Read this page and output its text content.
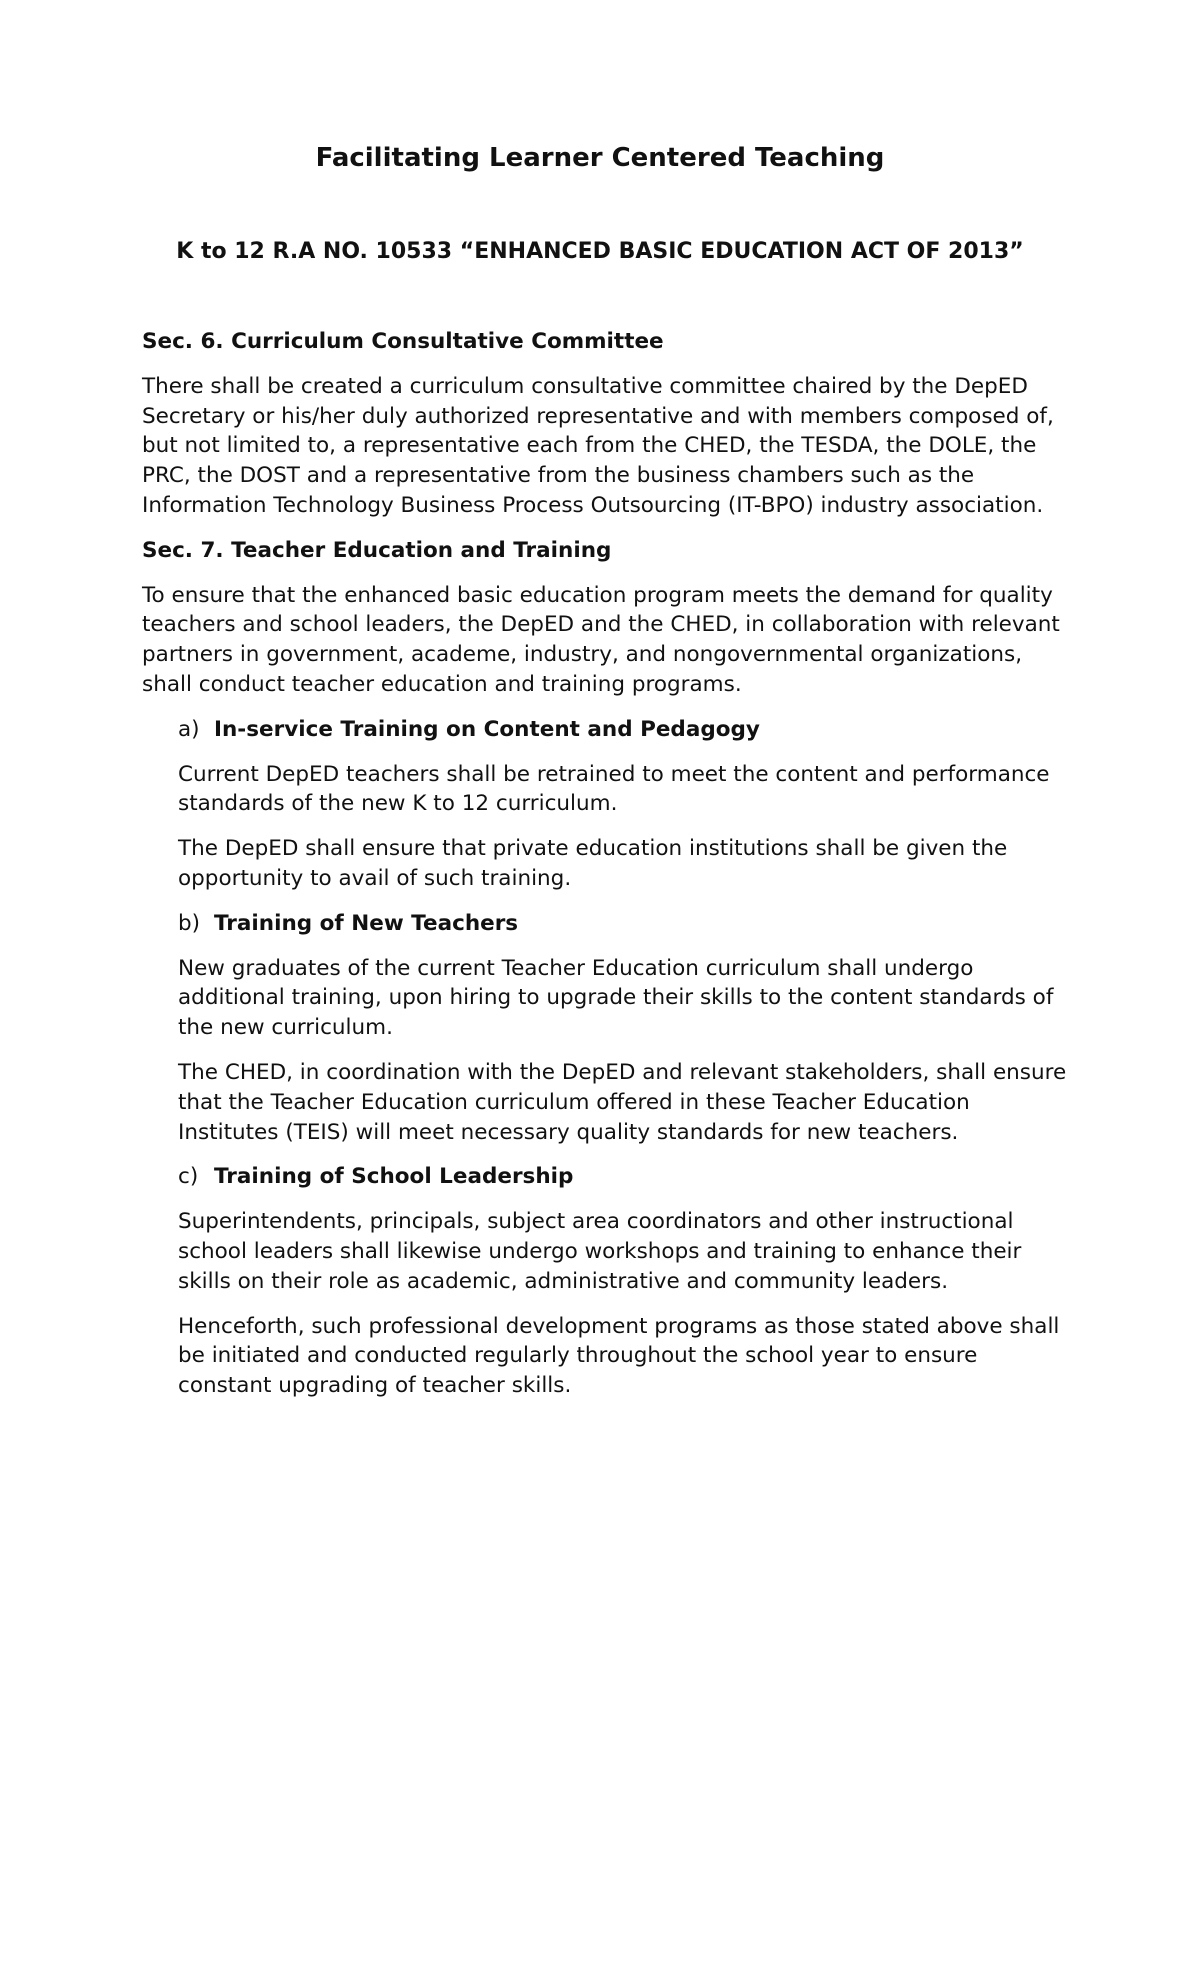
Facilitating Learner Centered Teaching
K to 12 R.A NO. 10533 “ENHANCED BASIC EDUCATION ACT OF 2013”

Sec. 6. Curriculum Consultative Committee

There shall be created a curriculum consultative committee chaired by the DepED Secretary or his/her duly authorized representative and with members composed of, but not limited to, a representative each from the CHED, the TESDA, the DOLE, the PRC, the DOST and a representative from the business chambers such as the Information Technology Business Process Outsourcing (IT-BPO) industry association.

Sec. 7. Teacher Education and Training

To ensure that the enhanced basic education program meets the demand for quality teachers and school leaders, the DepED and the CHED, in collaboration with relevant partners in government, academe, industry, and nongovernmental organizations, shall conduct teacher education and training programs.

a) In-service Training on Content and Pedagogy

Current DepED teachers shall be retrained to meet the content and performance standards of the new K to 12 curriculum.

The DepED shall ensure that private education institutions shall be given the opportunity to avail of such training.

b) Training of New Teachers

New graduates of the current Teacher Education curriculum shall undergo additional training, upon hiring to upgrade their skills to the content standards of the new curriculum.

The CHED, in coordination with the DepED and relevant stakeholders, shall ensure that the Teacher Education curriculum offered in these Teacher Education Institutes (TEIS) will meet necessary quality standards for new teachers.

c) Training of School Leadership

Superintendents, principals, subject area coordinators and other instructional school leaders shall likewise undergo workshops and training to enhance their skills on their role as academic, administrative and community leaders.

Henceforth, such professional development programs as those stated above shall be initiated and conducted regularly throughout the school year to ensure constant upgrading of teacher skills.
